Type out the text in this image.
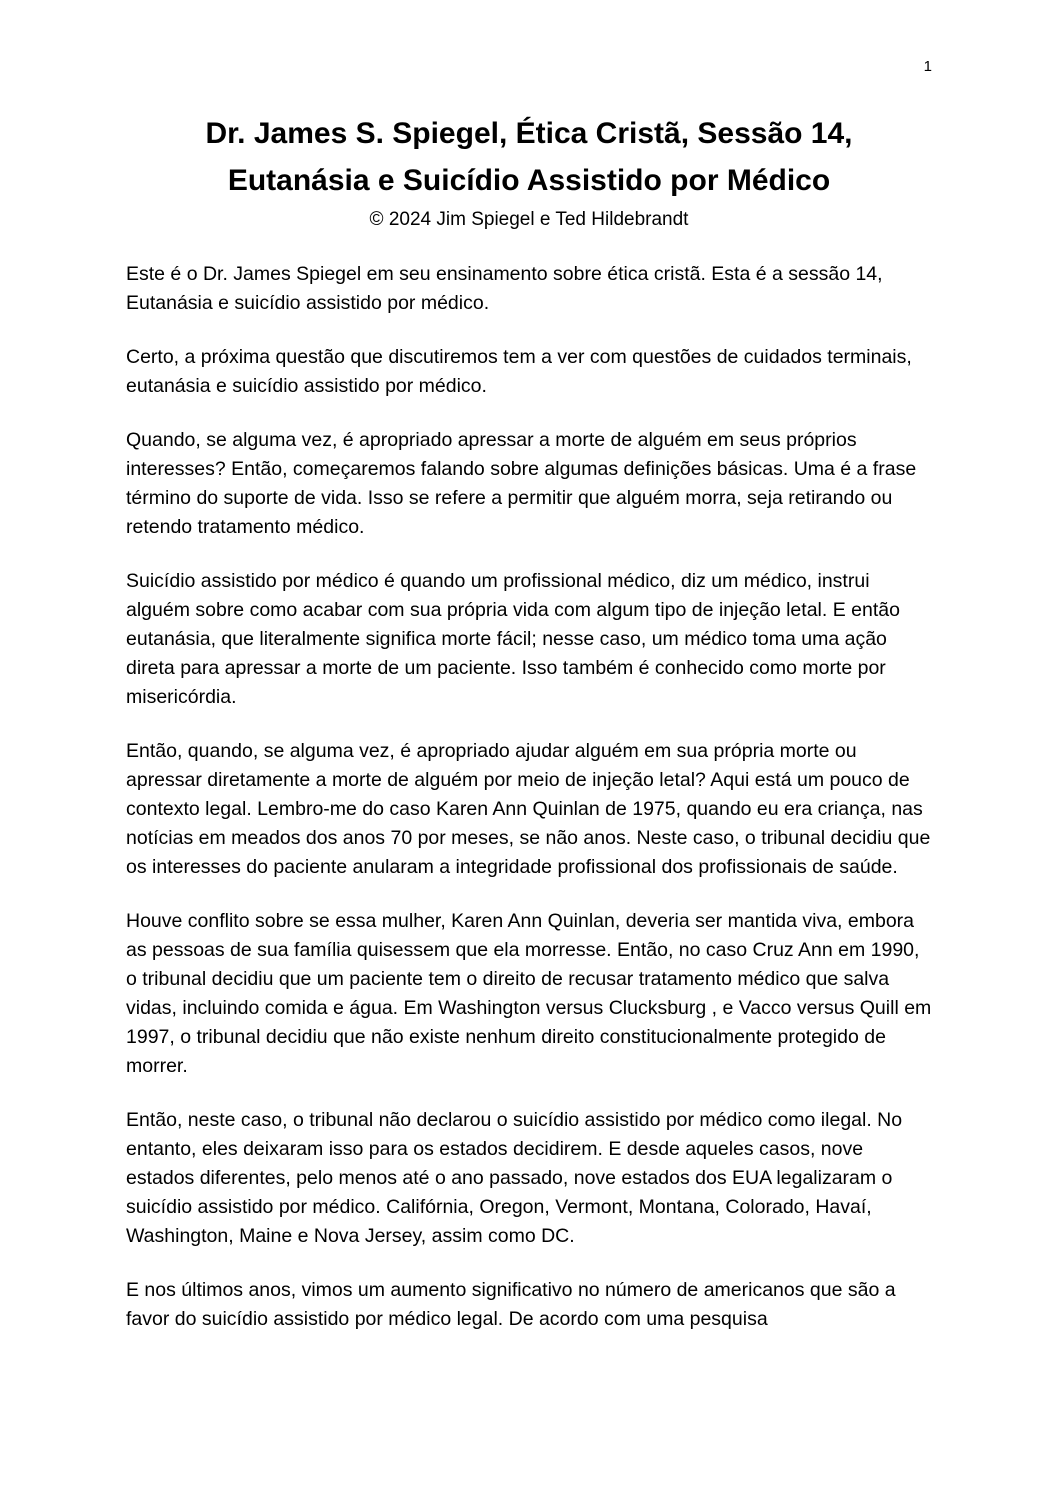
1
Dr. James S. Spiegel, Ética Cristã, Sessão 14,
Eutanásia e Suicídio Assistido por Médico

© 2024 Jim Spiegel e Ted Hildebrandt

Este é o Dr. James Spiegel em seu ensinamento sobre ética cristã. Esta é a sessão 14, Eutanásia e suicídio assistido por médico.

Certo, a próxima questão que discutiremos tem a ver com questões de cuidados terminais, eutanásia e suicídio assistido por médico.

Quando, se alguma vez, é apropriado apressar a morte de alguém em seus próprios interesses? Então, começaremos falando sobre algumas definições básicas. Uma é a frase término do suporte de vida. Isso se refere a permitir que alguém morra, seja retirando ou retendo tratamento médico.

Suicídio assistido por médico é quando um profissional médico, diz um médico, instrui alguém sobre como acabar com sua própria vida com algum tipo de injeção letal. E então eutanásia, que literalmente significa morte fácil; nesse caso, um médico toma uma ação direta para apressar a morte de um paciente. Isso também é conhecido como morte por misericórdia.

Então, quando, se alguma vez, é apropriado ajudar alguém em sua própria morte ou apressar diretamente a morte de alguém por meio de injeção letal? Aqui está um pouco de contexto legal. Lembro-me do caso Karen Ann Quinlan de 1975, quando eu era criança, nas notícias em meados dos anos 70 por meses, se não anos. Neste caso, o tribunal decidiu que os interesses do paciente anularam a integridade profissional dos profissionais de saúde.

Houve conflito sobre se essa mulher, Karen Ann Quinlan, deveria ser mantida viva, embora as pessoas de sua família quisessem que ela morresse. Então, no caso Cruz Ann em 1990, o tribunal decidiu que um paciente tem o direito de recusar tratamento médico que salva vidas, incluindo comida e água. Em Washington versus Clucksburg , e Vacco versus Quill em 1997, o tribunal decidiu que não existe nenhum direito constitucionalmente protegido de morrer.

Então, neste caso, o tribunal não declarou o suicídio assistido por médico como ilegal. No entanto, eles deixaram isso para os estados decidirem. E desde aqueles casos, nove estados diferentes, pelo menos até o ano passado, nove estados dos EUA legalizaram o suicídio assistido por médico. Califórnia, Oregon, Vermont, Montana, Colorado, Havaí, Washington, Maine e Nova Jersey, assim como DC.

E nos últimos anos, vimos um aumento significativo no número de americanos que são a favor do suicídio assistido por médico legal. De acordo com uma pesquisa
